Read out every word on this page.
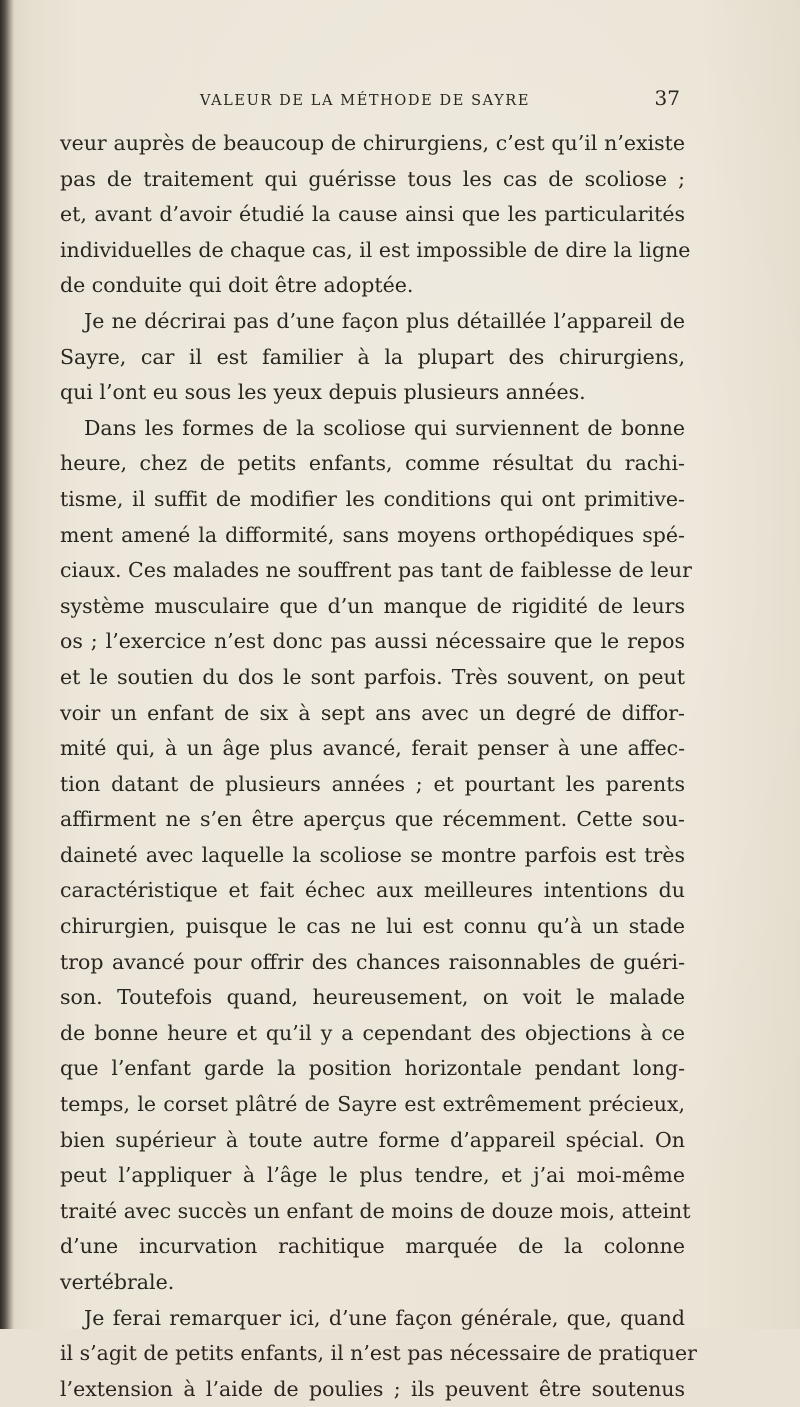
VALEUR DE LA MÉTHODE DE SAYRE	37
veur auprès de beaucoup de chirurgiens, c’est qu’il n’existe
pas de traitement qui guérisse tous les cas de scoliose ;
et, avant d’avoir étudié la cause ainsi que les particularités
individuelles de chaque cas, il est impossible de dire la ligne
de conduite qui doit être adoptée.
Je ne décrirai pas d’une façon plus détaillée l’appareil de
Sayre, car il est familier à la plupart des chirurgiens,
qui l’ont eu sous les yeux depuis plusieurs années.
Dans les formes de la scoliose qui surviennent de bonne
heure, chez de petits enfants, comme résultat du rachi-
tisme, il suffit de modifier les conditions qui ont primitive-
ment amené la difformité, sans moyens orthopédiques spé-
ciaux. Ces malades ne souffrent pas tant de faiblesse de leur
système musculaire que d’un manque de rigidité de leurs
os ; l’exercice n’est donc pas aussi nécessaire que le repos
et le soutien du dos le sont parfois. Très souvent, on peut
voir un enfant de six à sept ans avec un degré de diffor-
mité qui, à un âge plus avancé, ferait penser à une affec-
tion datant de plusieurs années ; et pourtant les parents
affirment ne s’en être aperçus que récemment. Cette sou-
daineté avec laquelle la scoliose se montre parfois est très
caractéristique et fait échec aux meilleures intentions du
chirurgien, puisque le cas ne lui est connu qu’à un stade
trop avancé pour offrir des chances raisonnables de guéri-
son. Toutefois quand, heureusement, on voit le malade
de bonne heure et qu’il y a cependant des objections à ce
que l’enfant garde la position horizontale pendant long-
temps, le corset plâtré de Sayre est extrêmement précieux,
bien supérieur à toute autre forme d’appareil spécial. On
peut l’appliquer à l’âge le plus tendre, et j’ai moi-même
traité avec succès un enfant de moins de douze mois, atteint
d’une incurvation rachitique marquée de la colonne
vertébrale.
Je ferai remarquer ici, d’une façon générale, que, quand
il s’agit de petits enfants, il n’est pas nécessaire de pratiquer
l’extension à l’aide de poulies ; ils peuvent être soutenus
